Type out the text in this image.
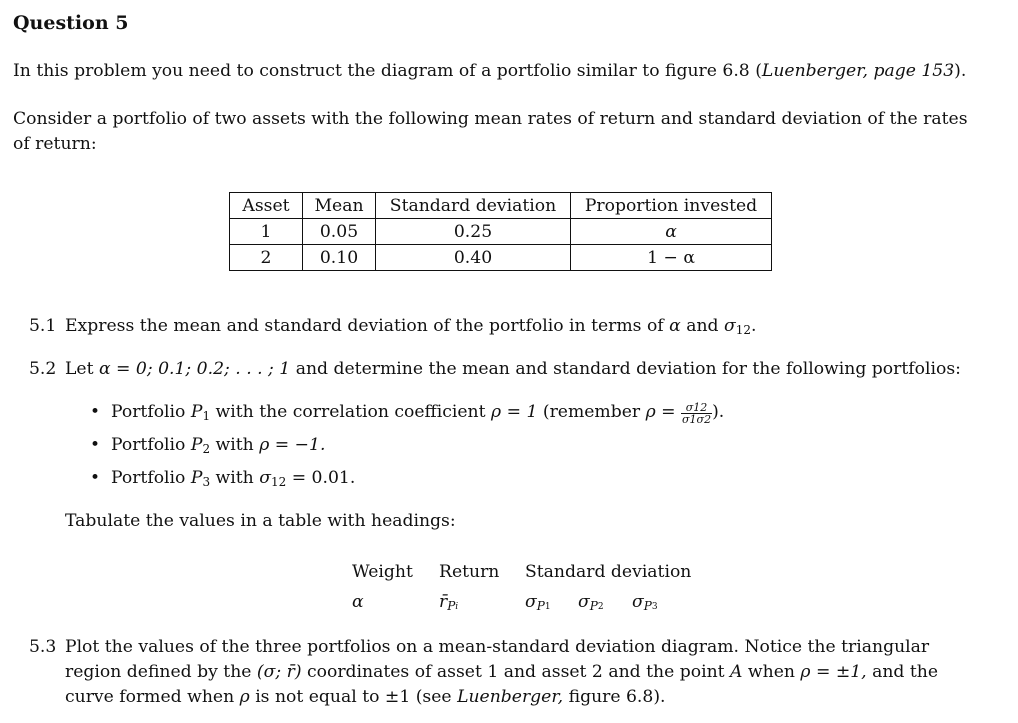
Question 5
In this problem you need to construct the diagram of a portfolio similar to figure 6.8 (Luenberger, page 153).
Consider a portfolio of two assets with the following mean rates of return and standard deviation of the rates
of return:
Asset	Mean	Standard deviation	Proportion invested
1	0.05	0.25	α
2	0.10	0.40	1 − α
5.1 Express the mean and standard deviation of the portfolio in terms of α and $\sigma_{12}$.
5.2 Let α = 0; 0.1; 0.2; . . . ; 1 and determine the mean and standard deviation for the following portfolios:
• Portfolio $P_1$ with the correlation coefficient ρ = 1 (remember $\rho = \frac{\sigma 12}{\sigma 1\sigma 2}$ ).
• Portfolio $P_2$ with ρ = −1.
• Portfolio $P_3$ with $\sigma_{12} = 0.01$.
Tabulate the values in a table with headings:
Weight Return Standard deviation
α	$r̄_Pi$	$\sigma_P1$ $\sigma_P2$ $\sigma_P3$
5.3 Plot the values of the three portfolios on a mean-standard deviation diagram. Notice the triangular
region defined by the (σ; r̄) coordinates of asset 1 and asset 2 and the point A when ρ = ±1, and the
curve formed when ρ is not equal to ±1 (see Luenberger, figure 6.8).
